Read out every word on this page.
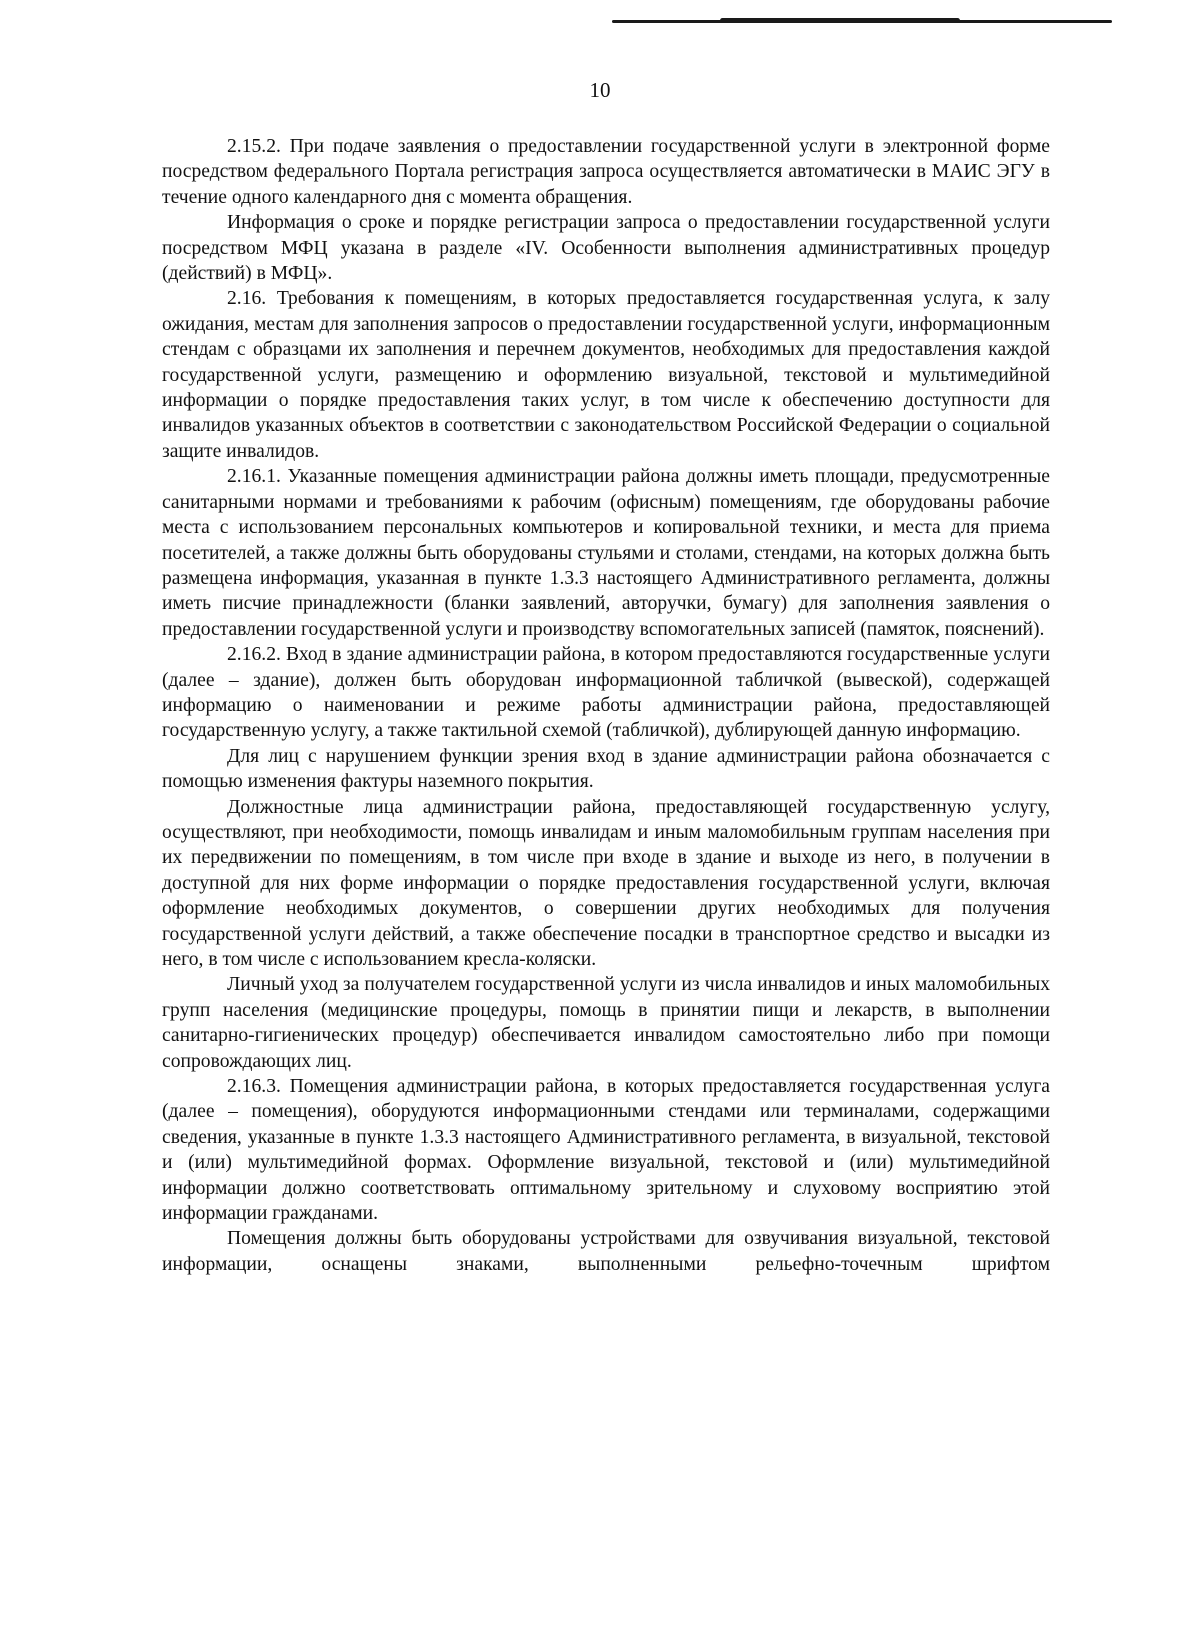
10

2.15.2. При подаче заявления о предоставлении государственной услуги в электронной форме посредством федерального Портала регистрация запроса осуществляется автоматически в МАИС ЭГУ в течение одного календарного дня с момента обращения.

Информация о сроке и порядке регистрации запроса о предоставлении государственной услуги посредством МФЦ указана в разделе «IV. Особенности выполнения административных процедур (действий) в МФЦ».

2.16. Требования к помещениям, в которых предоставляется государственная услуга, к залу ожидания, местам для заполнения запросов о предоставлении государственной услуги, информационным стендам с образцами их заполнения и перечнем документов, необходимых для предоставления каждой государственной услуги, размещению и оформлению визуальной, текстовой и мультимедийной информации о порядке предоставления таких услуг, в том числе к обеспечению доступности для инвалидов указанных объектов в соответствии с законодательством Российской Федерации о социальной защите инвалидов.

2.16.1. Указанные помещения администрации района должны иметь площади, предусмотренные санитарными нормами и требованиями к рабочим (офисным) помещениям, где оборудованы рабочие места с использованием персональных компьютеров и копировальной техники, и места для приема посетителей, а также должны быть оборудованы стульями и столами, стендами, на которых должна быть размещена информация, указанная в пункте 1.3.3 настоящего Административного регламента, должны иметь писчие принадлежности (бланки заявлений, авторучки, бумагу) для заполнения заявления о предоставлении государственной услуги и производству вспомогательных записей (памяток, пояснений).

2.16.2. Вход в здание администрации района, в котором предоставляются государственные услуги (далее – здание), должен быть оборудован информационной табличкой (вывеской), содержащей информацию о наименовании и режиме работы администрации района, предоставляющей государственную услугу, а также тактильной схемой (табличкой), дублирующей данную информацию.

Для лиц с нарушением функции зрения вход в здание администрации района обозначается с помощью изменения фактуры наземного покрытия.

Должностные лица администрации района, предоставляющей государственную услугу, осуществляют, при необходимости, помощь инвалидам и иным маломобильным группам населения при их передвижении по помещениям, в том числе при входе в здание и выходе из него, в получении в доступной для них форме информации о порядке предоставления государственной услуги, включая оформление необходимых документов, о совершении других необходимых для получения государственной услуги действий, а также обеспечение посадки в транспортное средство и высадки из него, в том числе с использованием кресла-коляски.

Личный уход за получателем государственной услуги из числа инвалидов и иных маломобильных групп населения (медицинские процедуры, помощь в принятии пищи и лекарств, в выполнении санитарно-гигиенических процедур) обеспечивается инвалидом самостоятельно либо при помощи сопровождающих лиц.

2.16.3. Помещения администрации района, в которых предоставляется государственная услуга (далее – помещения), оборудуются информационными стендами или терминалами, содержащими сведения, указанные в пункте 1.3.3 настоящего Административного регламента, в визуальной, текстовой и (или) мультимедийной формах. Оформление визуальной, текстовой и (или) мультимедийной информации должно соответствовать оптимальному зрительному и слуховому восприятию этой информации гражданами.

Помещения должны быть оборудованы устройствами для озвучивания визуальной, текстовой информации, оснащены знаками, выполненными рельефно-точечным шрифтом
